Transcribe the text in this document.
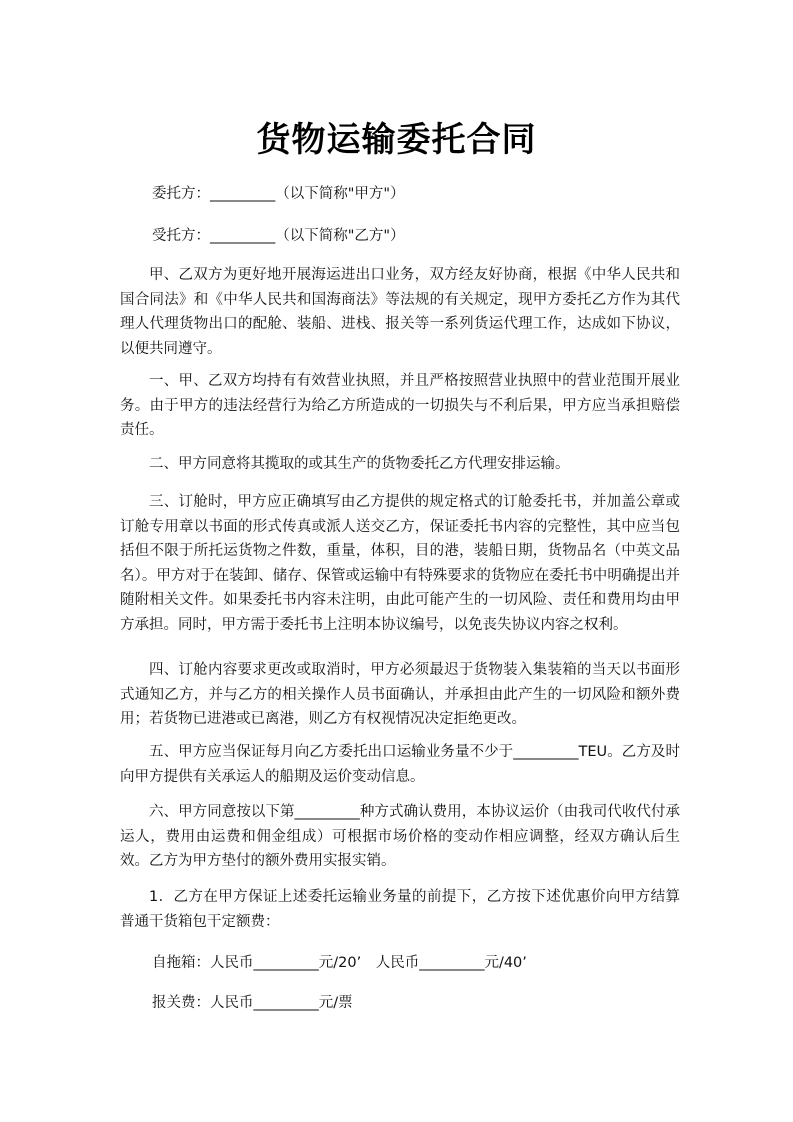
货物运输委托合同
委托方：_________（以下简称"甲方"）
受托方：_________（以下简称"乙方"）

甲、乙双方为更好地开展海运进出口业务，双方经友好协商，根据《中华人民共和国合同法》和《中华人民共和国海商法》等法规的有关规定，现甲方委托乙方作为其代理人代理货物出口的配舱、装船、进栈、报关等一系列货运代理工作，达成如下协议，以便共同遵守。

一、甲、乙双方均持有有效营业执照，并且严格按照营业执照中的营业范围开展业务。由于甲方的违法经营行为给乙方所造成的一切损失与不利后果，甲方应当承担赔偿责任。

二、甲方同意将其揽取的或其生产的货物委托乙方代理安排运输。

三、订舱时，甲方应正确填写由乙方提供的规定格式的订舱委托书，并加盖公章或订舱专用章以书面的形式传真或派人送交乙方，保证委托书内容的完整性，其中应当包括但不限于所托运货物之件数，重量，体积，目的港，装船日期，货物品名（中英文品名）。甲方对于在装卸、储存、保管或运输中有特殊要求的货物应在委托书中明确提出并随附相关文件。如果委托书内容未注明，由此可能产生的一切风险、责任和费用均由甲方承担。同时，甲方需于委托书上注明本协议编号，以免丧失协议内容之权利。

四、订舱内容要求更改或取消时，甲方必须最迟于货物装入集装箱的当天以书面形式通知乙方，并与乙方的相关操作人员书面确认，并承担由此产生的一切风险和额外费用；若货物已进港或已离港，则乙方有权视情况决定拒绝更改。

五、甲方应当保证每月向乙方委托出口运输业务量不少于_________TEU。乙方及时向甲方提供有关承运人的船期及运价变动信息。

六、甲方同意按以下第_________种方式确认费用，本协议运价（由我司代收代付承运人，费用由运费和佣金组成）可根据市场价格的变动作相应调整，经双方确认后生效。乙方为甲方垫付的额外费用实报实销。

1．乙方在甲方保证上述委托运输业务量的前提下，乙方按下述优惠价向甲方结算普通干货箱包干定额费：

自拖箱：人民币_________元/20’　人民币_________元/40’
报关费：人民币_________元/票
